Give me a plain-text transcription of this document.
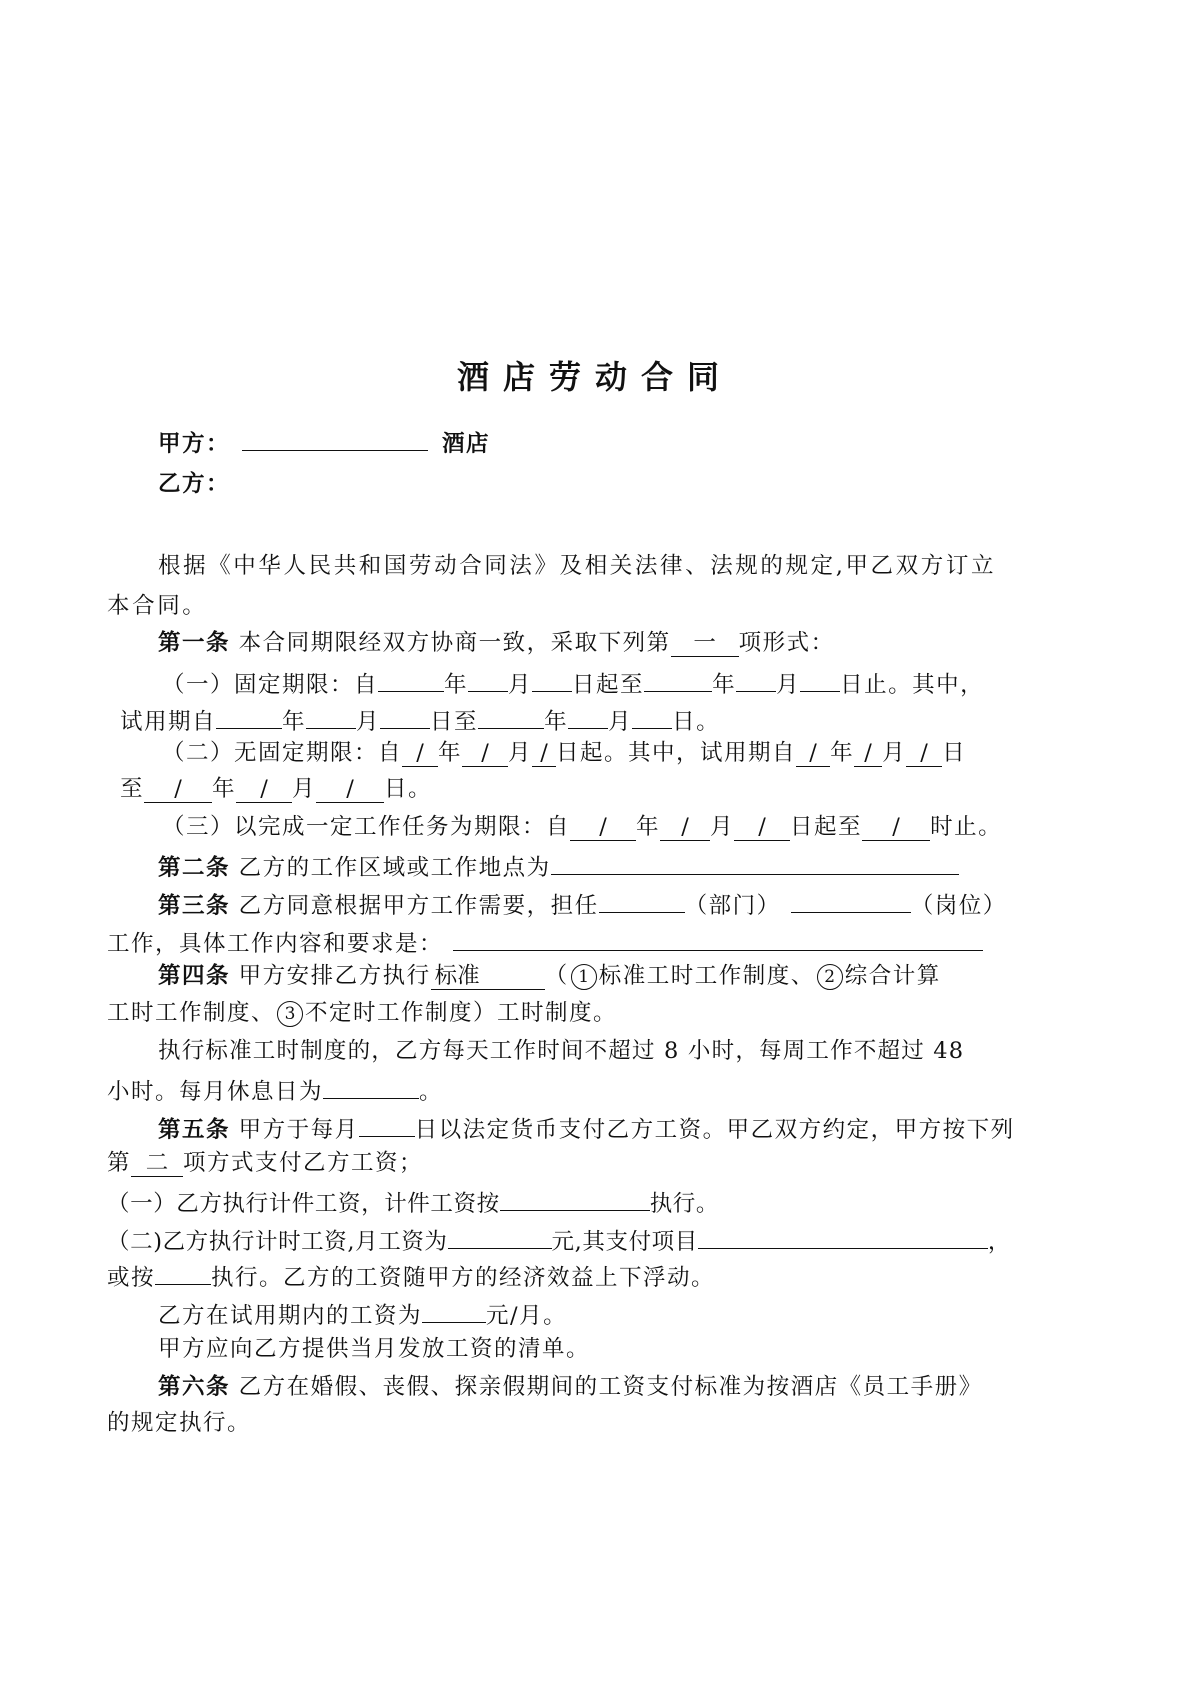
酒店劳动合同
甲方：	酒店
乙方：
根据《中华人民共和国劳动合同法》及相关法律、法规的规定,甲乙双方订立
本合同。
第一条 本合同期限经双方协商一致，采取下列第 一 项形式：
（一）固定期限：自	年 月 日起至	年 月 日止。其中，
试用期自	年 月 日至	年 月 日。
（二）无固定期限：自 / 年 / 月 / 日起。其中，试用期自 / 年 / 月 / 日
至 / 年 / 月 / 日。
（三）以完成一定工作任务为期限：自 / 年 / 月 / 日起至 / 时止。
第二条 乙方的工作区域或工作地点为
第三条 乙方同意根据甲方工作需要，担任	（部门）	（岗位）
工作，具体工作内容和要求是：
第四条 甲方安排乙方执行 标准	（ 1 标准工时工作制度、 2 综合计算
工时工作制度、 3 不定时工作制度）工时制度。
执行标准工时制度的，乙方每天工作时间不超过 8 小时，每周工作不超过 48
小时。每月休息日为	。
第五条 甲方于每月 日以法定货币支付乙方工资。甲乙双方约定，甲方按下列
第 二 项方式支付乙方工资；
（一）乙方执行计件工资，计件工资按	执行。
（二)乙方执行计时工资,月工资为	元,其支付项目	，
或按 执行。乙方的工资随甲方的经济效益上下浮动。
乙方在试用期内的工资为	元/月。
甲方应向乙方提供当月发放工资的清单。
第六条 乙方在婚假、丧假、探亲假期间的工资支付标准为按酒店《员工手册》
的规定执行。
